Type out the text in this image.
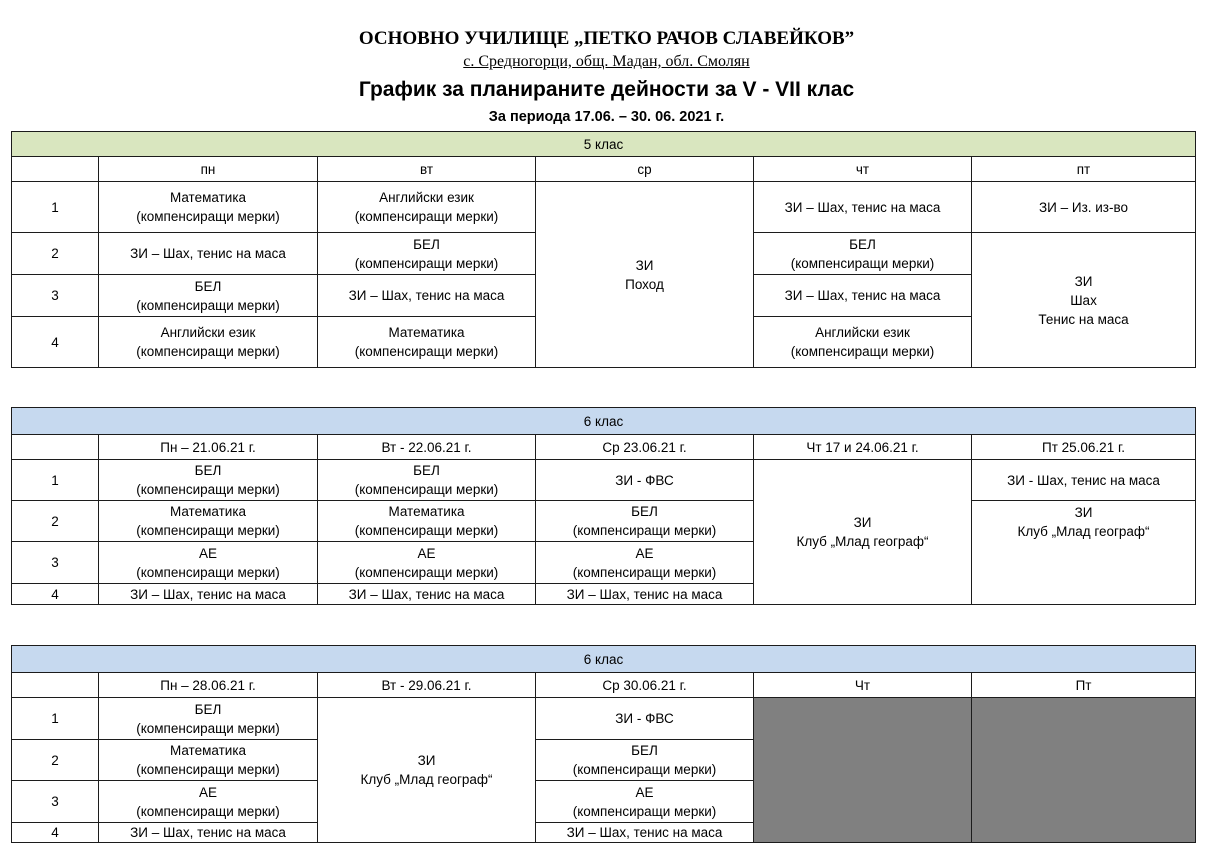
ОСНОВНО УЧИЛИЩЕ „ПЕТКО РАЧОВ СЛАВЕЙКОВ”
с. Средногорци, общ. Мадан, обл. Смолян
График за планираните дейности за V - VII клас
За периода 17.06. – 30. 06. 2021 г.
5 клас					
	пн	вт	ср	чт	пт
1	Математика
(компенсиращи мерки)	Английски език
(компенсиращи мерки)	ЗИ
Поход	ЗИ – Шах, тенис на маса	ЗИ – Из. из-во

2	ЗИ – Шах, тенис на маса	БЕЛ
(компенсиращи мерки)		БЕЛ
(компенсиращи мерки)	ЗИ
Шах
Тенис на маса

3	БЕЛ
(компенсиращи мерки)	ЗИ – Шах, тенис на маса		ЗИ – Шах, тенис на маса	

4	Английски език
(компенсиращи мерки)	Математика
(компенсиращи мерки)		Английски език
(компенсиращи мерки)	
6 клас					
	Пн – 21.06.21 г.	Вт - 22.06.21 г.	Ср 23.06.21 г.	Чт 17 и 24.06.21 г.	Пт 25.06.21 г.
1	БЕЛ
(компенсиращи мерки)	БЕЛ
(компенсиращи мерки)	ЗИ - ФВС	ЗИ
Клуб „Млад географ“	ЗИ - Шах, тенис на маса

2	Математика
(компенсиращи мерки)	Математика
(компенсиращи мерки)	БЕЛ
(компенсиращи мерки)		ЗИ
Клуб „Млад географ“

3	АЕ
(компенсиращи мерки)	АЕ
(компенсиращи мерки)	АЕ
(компенсиращи мерки)		

4	ЗИ – Шах, тенис на маса	ЗИ – Шах, тенис на маса	ЗИ – Шах, тенис на маса		
6 клас					
	Пн – 28.06.21 г.	Вт - 29.06.21 г.	Ср 30.06.21 г.	Чт	Пт
1	БЕЛ
(компенсиращи мерки)	ЗИ
Клуб „Млад географ“	ЗИ - ФВС		

2	Математика
(компенсиращи мерки)		БЕЛ
(компенсиращи мерки)		

3	АЕ
(компенсиращи мерки)		АЕ
(компенсиращи мерки)		

4	ЗИ – Шах, тенис на маса		ЗИ – Шах, тенис на маса		
